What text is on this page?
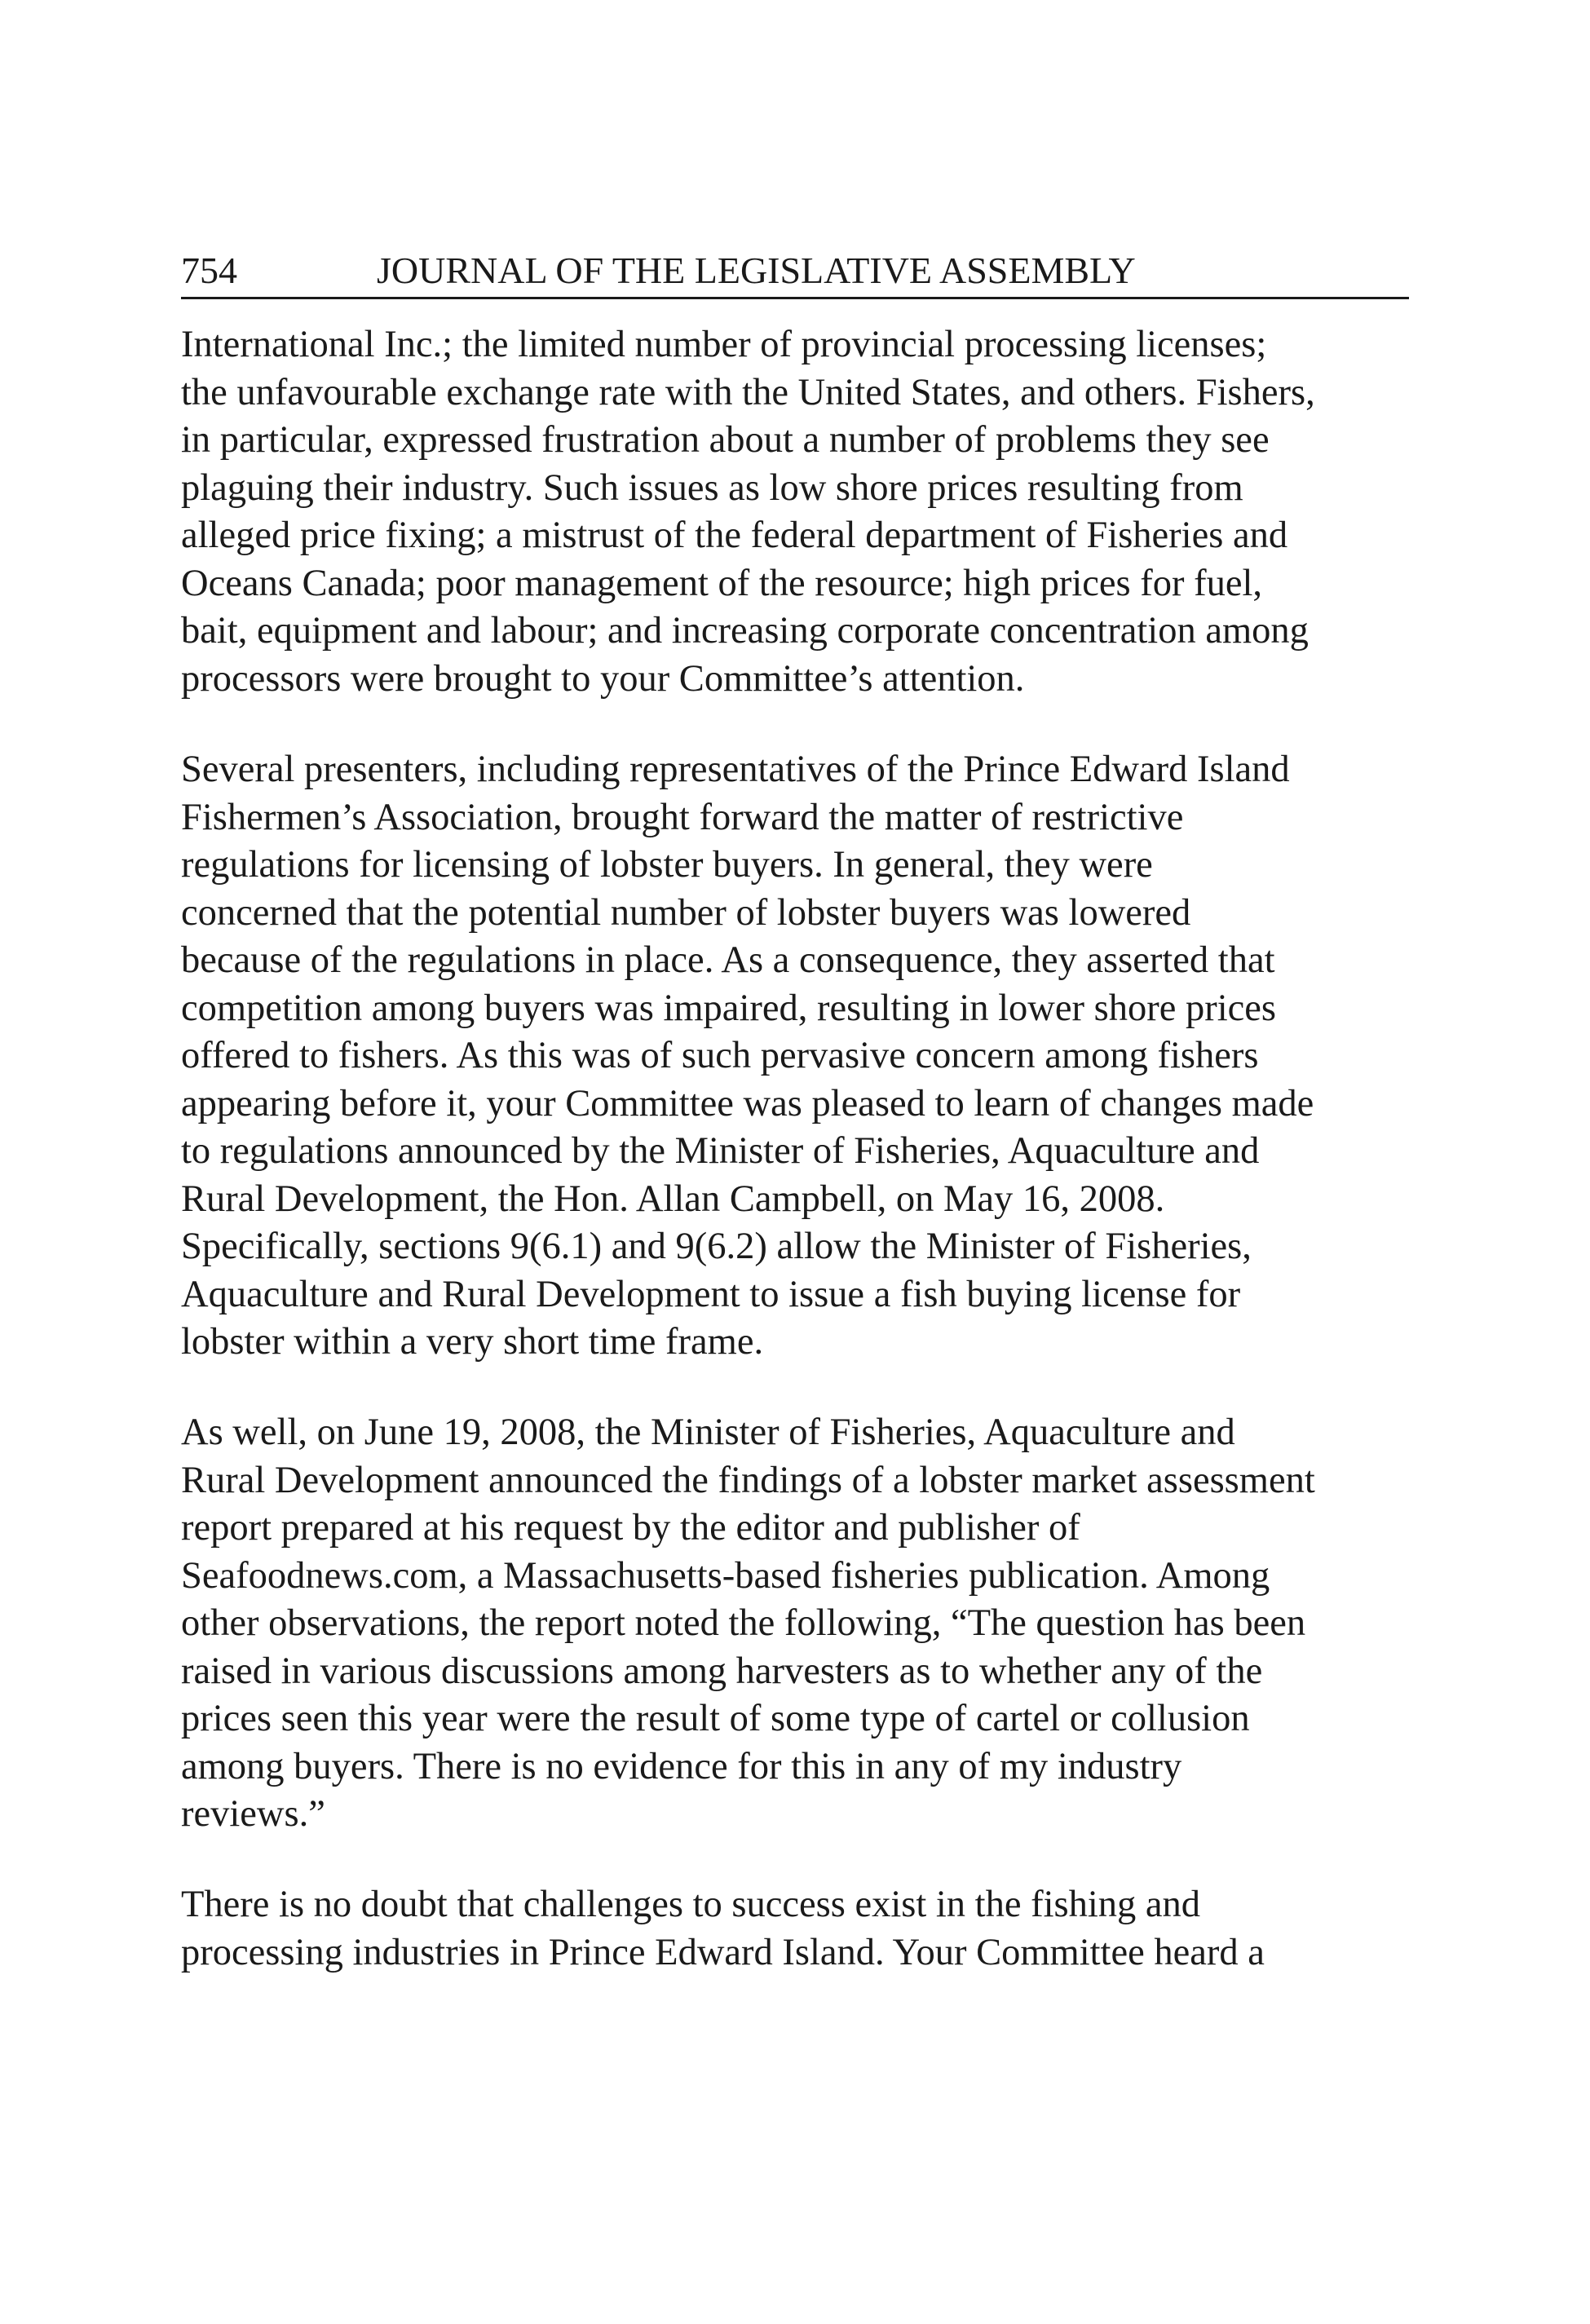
754	JOURNAL OF THE LEGISLATIVE ASSEMBLY

International Inc.; the limited number of provincial processing licenses;
the unfavourable exchange rate with the United States, and others. Fishers,
in particular, expressed frustration about a number of problems they see
plaguing their industry. Such issues as low shore prices resulting from
alleged price fixing; a mistrust of the federal department of Fisheries and
Oceans Canada; poor management of the resource; high prices for fuel,
bait, equipment and labour; and increasing corporate concentration among
processors were brought to your Committee’s attention.

Several presenters, including representatives of the Prince Edward Island
Fishermen’s Association, brought forward the matter of restrictive
regulations for licensing of lobster buyers. In general, they were
concerned that the potential number of lobster buyers was lowered
because of the regulations in place. As a consequence, they asserted that
competition among buyers was impaired, resulting in lower shore prices
offered to fishers. As this was of such pervasive concern among fishers
appearing before it, your Committee was pleased to learn of changes made
to regulations announced by the Minister of Fisheries, Aquaculture and
Rural Development, the Hon. Allan Campbell, on May 16, 2008.
Specifically, sections 9(6.1) and 9(6.2) allow the Minister of Fisheries,
Aquaculture and Rural Development to issue a fish buying license for
lobster within a very short time frame.

As well, on June 19, 2008, the Minister of Fisheries, Aquaculture and
Rural Development announced the findings of a lobster market assessment
report prepared at his request by the editor and publisher of
Seafoodnews.com, a Massachusetts-based fisheries publication. Among
other observations, the report noted the following, “The question has been
raised in various discussions among harvesters as to whether any of the
prices seen this year were the result of some type of cartel or collusion
among buyers. There is no evidence for this in any of my industry
reviews.”

There is no doubt that challenges to success exist in the fishing and
processing industries in Prince Edward Island. Your Committee heard a
